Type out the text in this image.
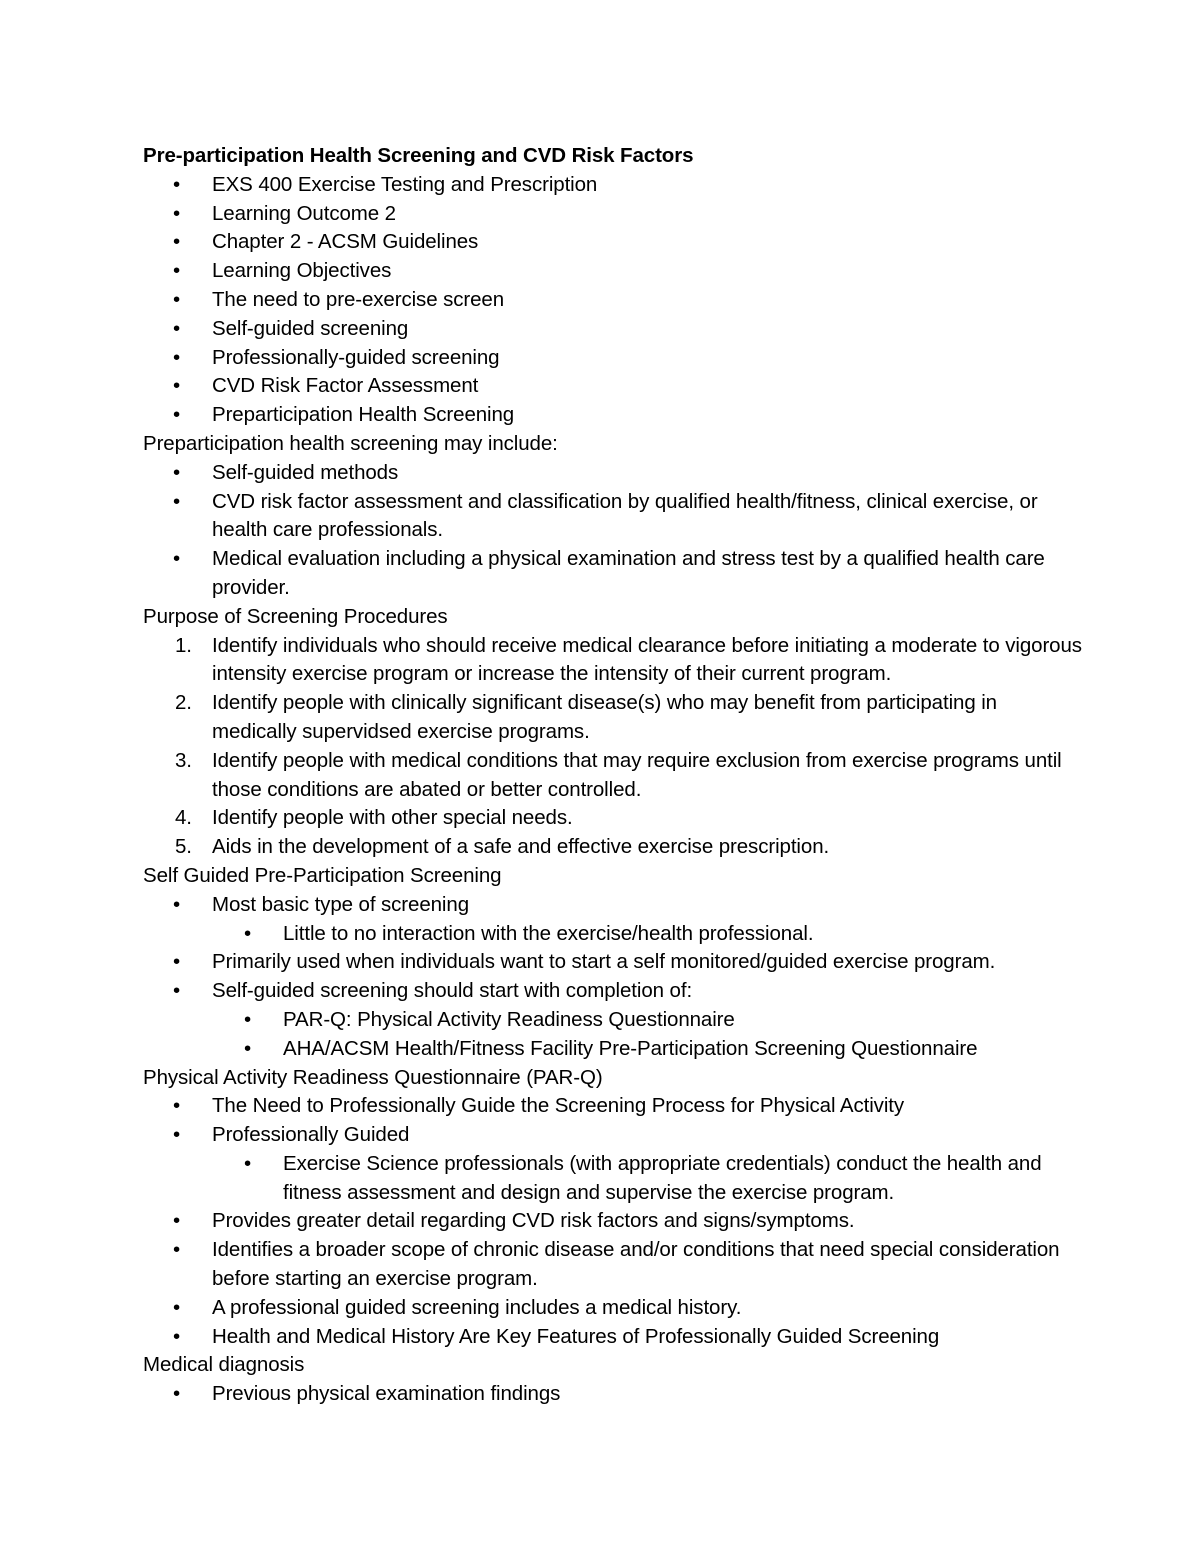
Pre-participation Health Screening and CVD Risk Factors

•	EXS 400 Exercise Testing and Prescription
•	Learning Outcome 2
•	Chapter 2 - ACSM Guidelines
•	Learning Objectives
•	The need to pre-exercise screen
•	Self-guided screening
•	Professionally-guided screening
•	CVD Risk Factor Assessment
•	Preparticipation Health Screening

Preparticipation health screening may include:

•	Self-guided methods
•	CVD risk factor assessment and classification by qualified health/fitness, clinical exercise, or health care professionals.
•	Medical evaluation including a physical examination and stress test by a qualified health care provider.

Purpose of Screening Procedures

1. Identify individuals who should receive medical clearance before initiating a moderate to vigorous intensity exercise program or increase the intensity of their current program.
2. Identify people with clinically significant disease(s) who may benefit from participating in medically supervidsed exercise programs.
3. Identify people with medical conditions that may require exclusion from exercise programs until those conditions are abated or better controlled.
4. Identify people with other special needs.
5. Aids in the development of a safe and effective exercise prescription.

Self Guided Pre-Participation Screening

•	Most basic type of screening
•	Little to no interaction with the exercise/health professional.
•	Primarily used when individuals want to start a self monitored/guided exercise program.
•	Self-guided screening should start with completion of:
•	PAR-Q: Physical Activity Readiness Questionnaire
•	AHA/ACSM Health/Fitness Facility Pre-Participation Screening Questionnaire

Physical Activity Readiness Questionnaire (PAR-Q)

•	The Need to Professionally Guide the Screening Process for Physical Activity
•	Professionally Guided
•	Exercise Science professionals (with appropriate credentials) conduct the health and fitness assessment and design and supervise the exercise program.
•	Provides greater detail regarding CVD risk factors and signs/symptoms.
•	Identifies a broader scope of chronic disease and/or conditions that need special consideration before starting an exercise program.
•	A professional guided screening includes a medical history.
•	Health and Medical History Are Key Features of Professionally Guided Screening

Medical diagnosis

•	Previous physical examination findings
